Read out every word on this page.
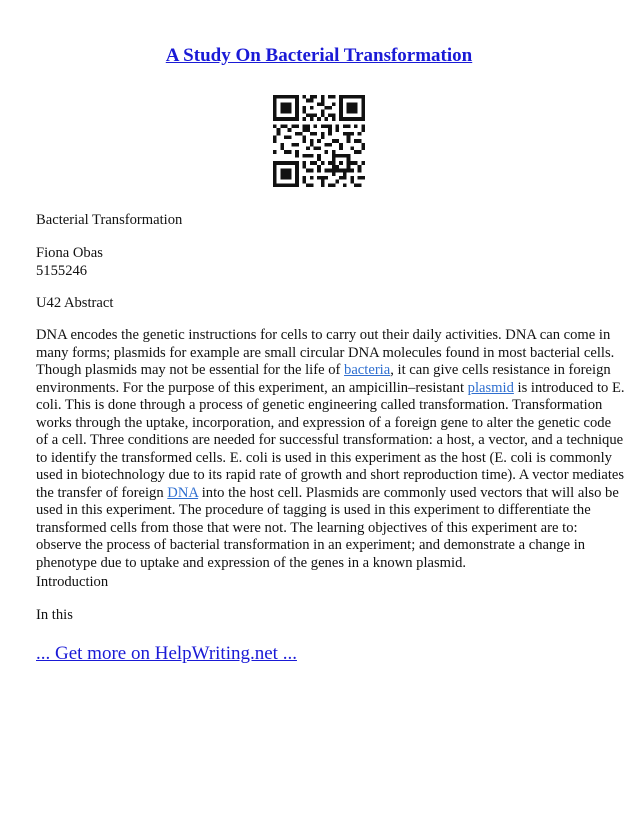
A Study On Bacterial Transformation

Bacterial Transformation

Fiona Obas
5155246

U42 Abstract

DNA encodes the genetic instructions for cells to carry out their daily activities. DNA can come in
many forms; plasmids for example are small circular DNA molecules found in most bacterial cells.
Though plasmids may not be essential for the life of bacteria, it can give cells resistance in foreign
environments. For the purpose of this experiment, an ampicillin–resistant plasmid is introduced to E.
coli. This is done through a process of genetic engineering called transformation. Transformation
works through the uptake, incorporation, and expression of a foreign gene to alter the genetic code
of a cell. Three conditions are needed for successful transformation: a host, a vector, and a technique
to identify the transformed cells. E. coli is used in this experiment as the host (E. coli is commonly
used in biotechnology due to its rapid rate of growth and short reproduction time). A vector mediates
the transfer of foreign DNA into the host cell. Plasmids are commonly used vectors that will also be
used in this experiment. The procedure of tagging is used in this experiment to differentiate the
transformed cells from those that were not. The learning objectives of this experiment are to:
observe the process of bacterial transformation in an experiment; and demonstrate a change in
phenotype due to uptake and expression of the genes in a known plasmid.

Introduction

In this

... Get more on HelpWriting.net ...
